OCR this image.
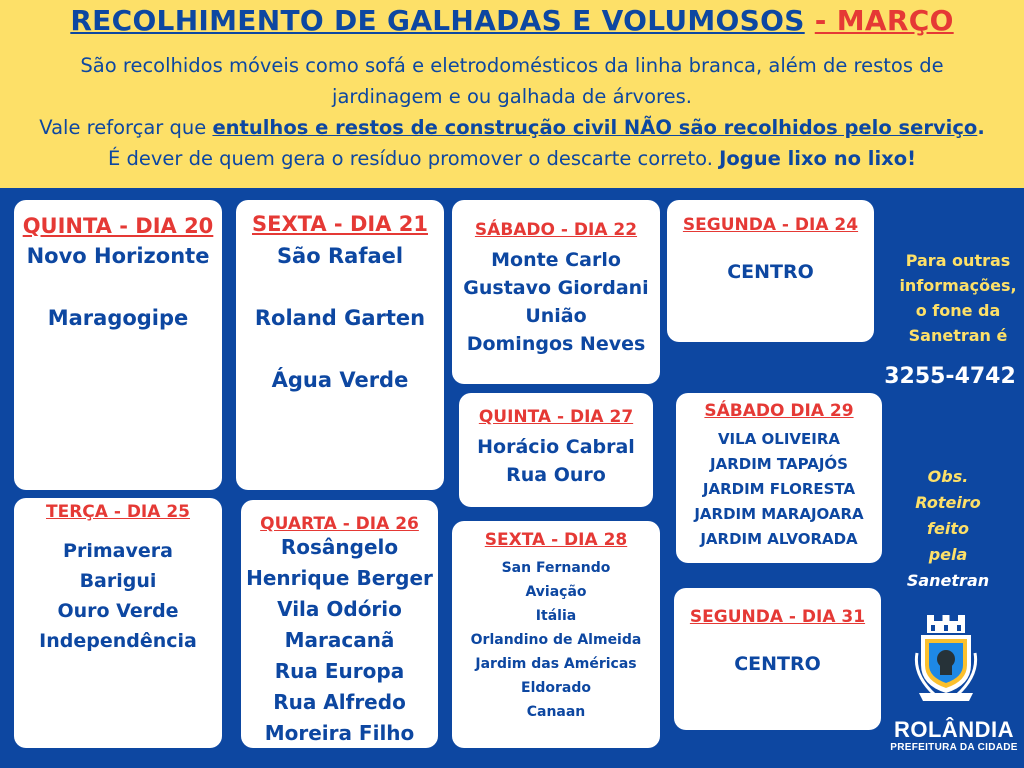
RECOLHIMENTO DE GALHADAS E VOLUMOSOS - MARÇO
São recolhidos móveis como sofá e eletrodomésticos da linha branca, além de restos de
jardinagem e ou galhada de árvores.
Vale reforçar que entulhos e restos de construção civil NÃO são recolhidos pelo serviço.
É dever de quem gera o resíduo promover o descarte correto. Jogue lixo no lixo!
QUINTA - DIA 20
Novo Horizonte
Maragogipe
SEXTA - DIA 21
São Rafael
Roland Garten
Água Verde
SÁBADO - DIA 22
Monte Carlo
Gustavo Giordani
União
Domingos Neves
SEGUNDA - DIA 24
CENTRO
QUINTA - DIA 27
Horácio Cabral
Rua Ouro
SÁBADO DIA 29
VILA OLIVEIRA
JARDIM TAPAJÓS
JARDIM FLORESTA
JARDIM MARAJOARA
JARDIM ALVORADA
TERÇA - DIA 25
Primavera
Barigui
Ouro Verde
Independência
QUARTA - DIA 26
Rosângelo
Henrique Berger
Vila Odório
Maracanã
Rua Europa
Rua Alfredo
Moreira Filho
SEXTA - DIA 28
San Fernando
Aviação
Itália
Orlandino de Almeida
Jardim das Américas
Eldorado
Canaan
SEGUNDA - DIA 31
CENTRO
Para outras
informações,
o fone da
Sanetran é
3255-4742
Obs.
Roteiro
feito
pela
Sanetran
ROLÂNDIA
PREFEITURA DA CIDADE
